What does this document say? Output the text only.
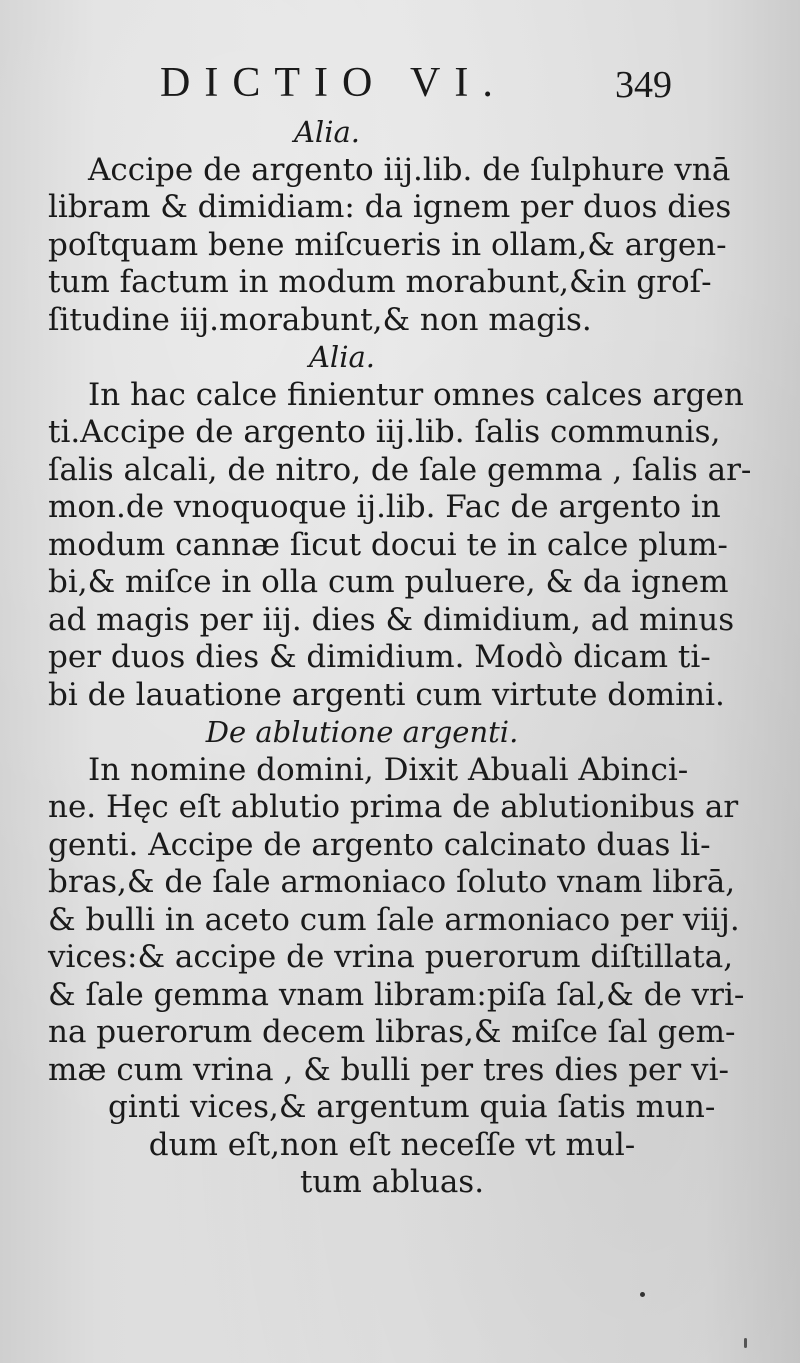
DICTIO VI.	349
Alia.

Accipe de argento iij.lib. de ſulphure vnā
libram & dimidiam: da ignem per duos dies
poſtquam bene miſcueris in ollam,& argen-
tum factum in modum morabunt,&in groſ-
ſitudine iij.morabunt,& non magis.

Alia.

In hac calce finientur omnes calces argen
ti.Accipe de argento iij.lib. ſalis communis,
ſalis alcali, de nitro, de ſale gemma , ſalis ar-
mon.de vnoquoque ij.lib. Fac de argento in
modum cannæ ſicut docui te in calce plum-
bi,& miſce in olla cum puluere, & da ignem
ad magis per iij. dies & dimidium, ad minus
per duos dies & dimidium. Modò dicam ti-
bi de lauatione argenti cum virtute domini.

De ablutione argenti.

In nomine domini, Dixit Abuali Abinci-
ne. Hęc eſt ablutio prima de ablutionibus ar
genti. Accipe de argento calcinato duas li-
bras,& de ſale armoniaco ſoluto vnam librā,
& bulli in aceto cum ſale armoniaco per viij.
vices:& accipe de vrina puerorum diſtillata,
& ſale gemma vnam libram:piſa ſal,& de vri-
na puerorum decem libras,& miſce ſal gem-
mæ cum vrina , & bulli per tres dies per vi-
ginti vices,& argentum quia ſatis mun-
dum eſt,non eſt neceſſe vt mul-
tum abluas.
